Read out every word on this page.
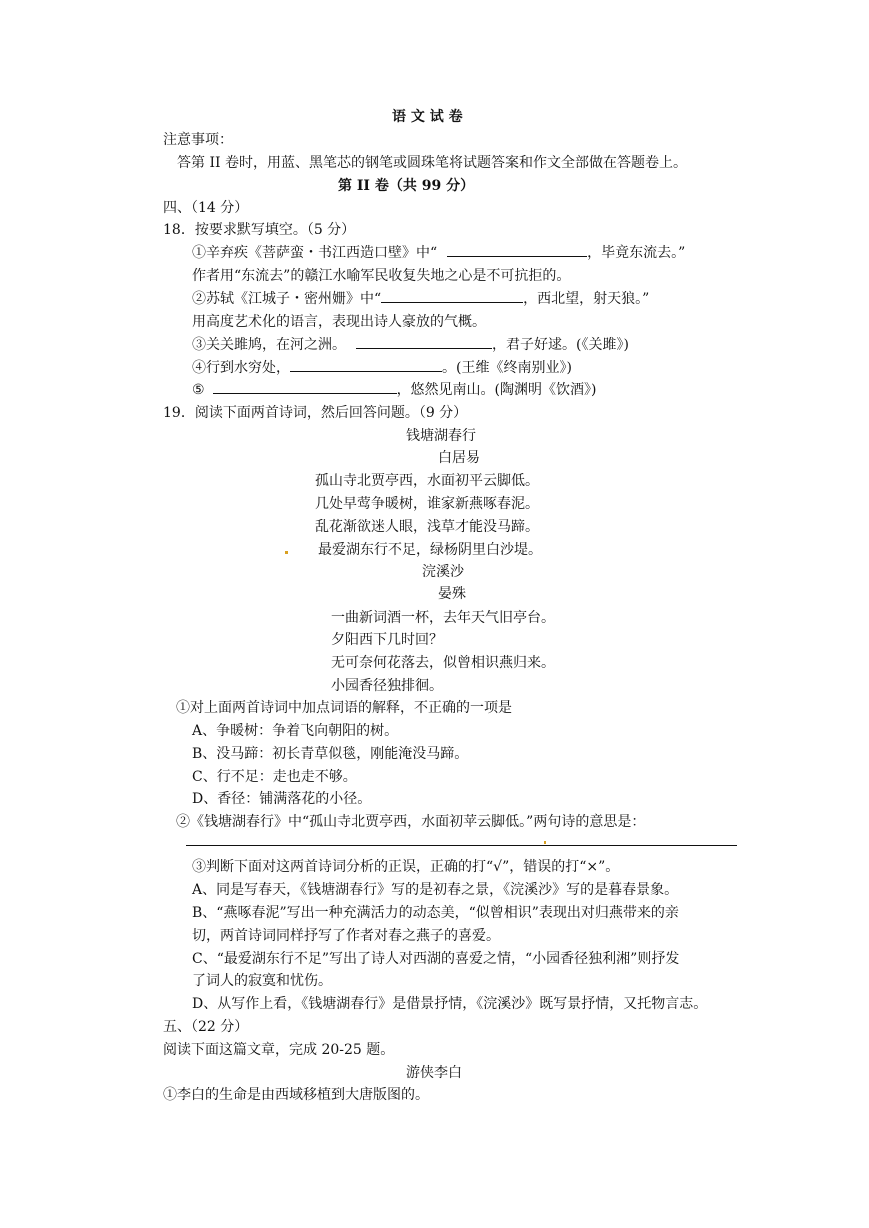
语 文 试 卷
注意事项：
答第 II 卷时，用蓝、黑笔芯的钢笔或圆珠笔将试题答案和作文全部做在答题卷上。
第 II 卷（共 99 分）
四、（14 分）
18．按要求默写填空。（5 分）
①辛弃疾《菩萨蛮・书江西造口壁》中“	，毕竟东流去。”
作者用“东流去”的赣江水喻军民收复失地之心是不可抗拒的。
②苏轼《江城子・密州姗》中“	，西北望，射天狼。”
用高度艺术化的语言，表现出诗人豪放的气概。
③关关雎鸠，在河之洲。	，君子好逑。(《关雎》)
④行到水穷处，	。(王维《终南别业》)
⑤	，悠然见南山。(陶渊明《饮酒》)
19．阅读下面两首诗词，然后回答问题。（9 分）
钱塘湖春行
白居易
孤山寺北贾亭西，水面初平云脚低。
几处早莺争暖树，谁家新燕啄春泥。
乱花渐欲迷人眼，浅草才能没马蹄。
最爱湖东行不足，绿杨阴里白沙堤。
浣溪沙
晏殊
一曲新词酒一杯，去年天气旧亭台。
夕阳西下几时回？
无可奈何花落去，似曾相识燕归来。
小园香径独排徊。
①对上面两首诗词中加点词语的解释，不正确的一项是
A、争暖树：争着飞向朝阳的树。
B、没马蹄：初长青草似毯，刚能淹没马蹄。
C、行不足：走也走不够。
D、香径：铺满落花的小径。
②《钱塘湖春行》中“孤山寺北贾亭西，水面初苹云脚低。”两句诗的意思是：
③判断下面对这两首诗词分析的正误，正确的打“√”，错误的打“×”。
A、同是写春天，《钱塘湖春行》写的是初春之景，《浣溪沙》写的是暮春景象。
B、“燕啄春泥”写出一种充满活力的动态美，“似曾相识”表现出对归燕带来的亲
切，两首诗词同样抒写了作者对春之燕子的喜爱。
C、“最爱湖东行不足”写出了诗人对西湖的喜爱之情，“小园香径独利湘”则抒发
了词人的寂寞和忧伤。
D、从写作上看，《钱塘湖春行》是借景抒情，《浣溪沙》既写景抒情，又托物言志。
五、（22 分）
阅读下面这篇文章，完成 20-25 题。
游侠李白
①李白的生命是由西域移植到大唐版图的。
